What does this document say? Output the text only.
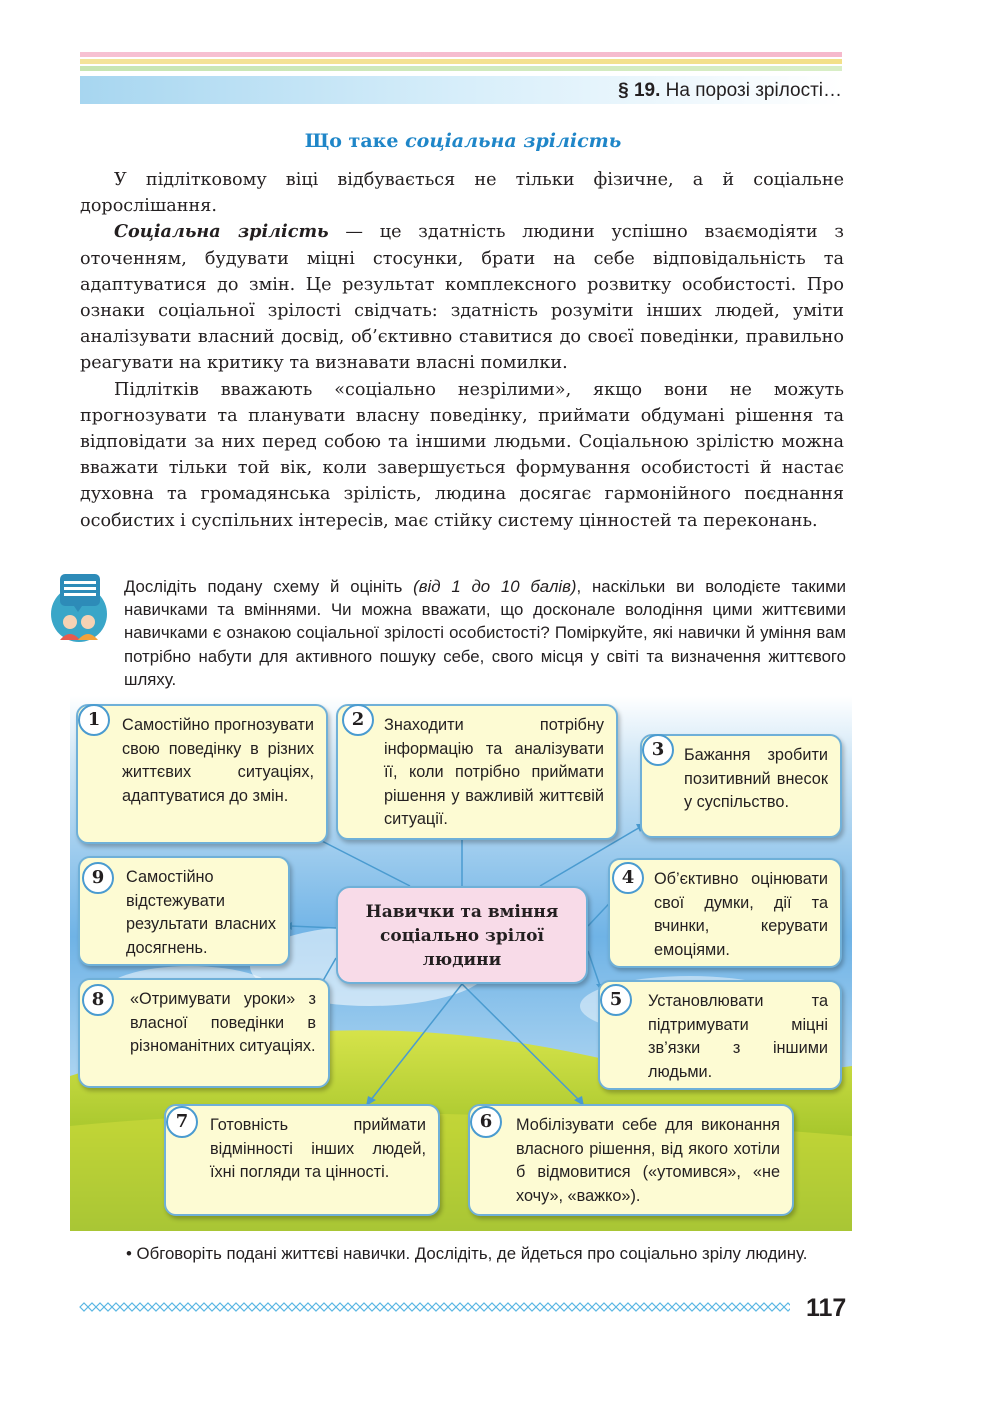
§ 19. На порозі зрілості…
Що таке соціальна зрілість

У підлітковому віці відбувається не тільки фізичне, а й соціальне дорослішання.

Соціальна зрілість — це здатність людини успішно взаємодіяти з оточенням, будувати міцні стосунки, брати на себе відповідальність та адаптуватися до змін. Це результат комплексного розвитку особистості. Про ознаки соціальної зрілості свідчать: здатність розуміти інших людей, уміти аналізувати власний досвід, об’єктивно ставитися до своєї поведінки, правильно реагувати на критику та визнавати власні помилки.

Підлітків вважають «соціально незрілими», якщо вони не можуть прогнозувати та планувати власну поведінку, приймати обдумані рішення та відповідати за них перед собою та іншими людьми. Соціальною зрілістю можна вважати тільки той вік, коли завершується формування особистості й настає духовна та громадянська зрілість, людина досягає гармонійного поєднання особистих і суспільних інтересів, має стійку систему цінностей та переконань.

Дослідіть подану схему й оцініть (від 1 до 10 балів), наскільки ви володієте такими навичками та вміннями. Чи можна вважати, що досконале володіння цими життєвими навичками є ознакою соціальної зрілості особистості? Поміркуйте, які навички й уміння вам потрібно набути для активного пошуку себе, свого місця у світі та визначення життєвого шляху.
Самостійно прогнозувати свою поведінку в різних життєвих ситуаціях, адаптуватися до змін.
1	Знаходити потрібну інформацію та аналізувати її, коли потрібно приймати рішення у важливій життєвій ситуації.
2
Бажання зробити позитивний внесок у суспільство.
3
Самостійно відстежувати результати власних досягнень.
9
Навички та вміння соціально зрілої людини
Об’єктивно оцінювати свої думки, дії та вчинки, керувати емоціями.
4
«Отримувати уроки» з власної поведінки в різноманітних ситуаціях.
8	Установлювати та підтримувати міцні зв’язки з іншими людьми.
5
Готовність приймати відмінності інших людей, їхні погляди та цінності.
7	Мобілізувати себе для виконання власного рішення, від якого хотіли б відмовитися («утомився», «не хочу», «важко»).
6
• Обговоріть подані життєві навички. Дослідіть, де йдеться про соціально зрілу людину.
117
